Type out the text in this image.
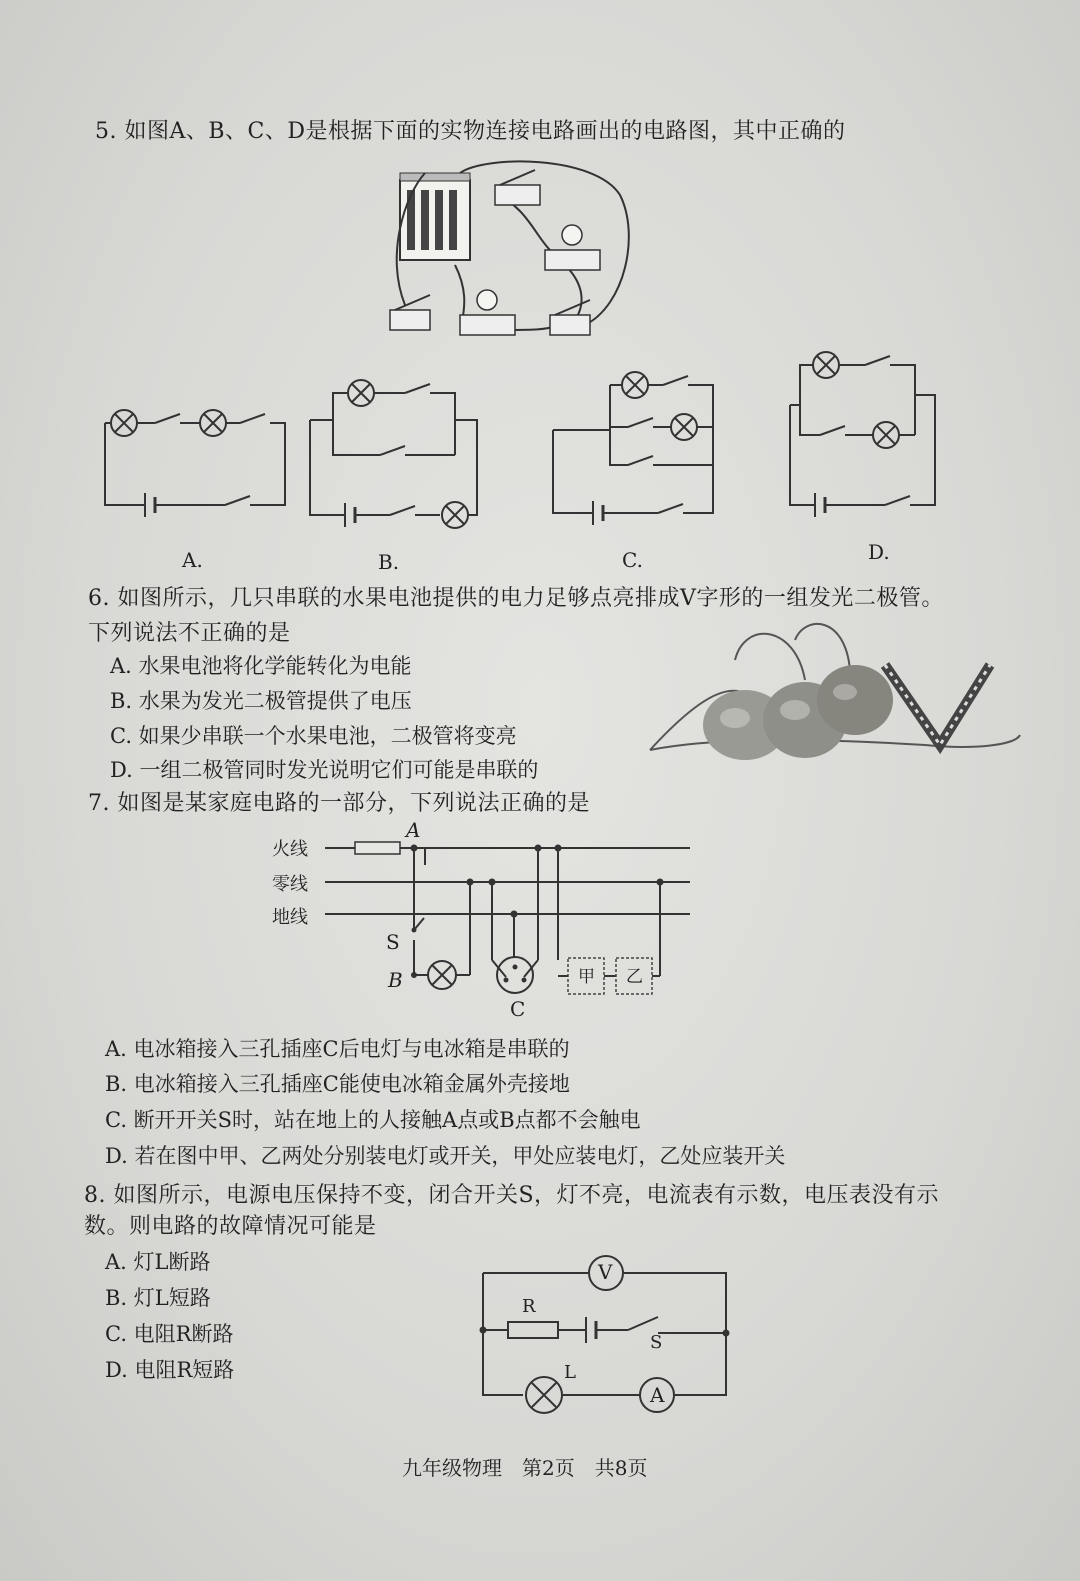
5. 如图A、B、C、D是根据下面的实物连接电路画出的电路图，其中正确的
A.	B.	C.	D.
6. 如图所示，几只串联的水果电池提供的电力足够点亮排成V字形的一组发光二极管。
下列说法不正确的是
A. 水果电池将化学能转化为电能
B. 水果为发光二极管提供了电压
C. 如果少串联一个水果电池，二极管将变亮
D. 一组二极管同时发光说明它们可能是串联的
7. 如图是某家庭电路的一部分，下列说法正确的是
火线
零线
地线
A
S
B
C
甲 乙
A. 电冰箱接入三孔插座C后电灯与电冰箱是串联的
B. 电冰箱接入三孔插座C能使电冰箱金属外壳接地
C. 断开开关S时，站在地上的人接触A点或B点都不会触电
D. 若在图中甲、乙两处分别装电灯或开关，甲处应装电灯，乙处应装开关
8. 如图所示，电源电压保持不变，闭合开关S，灯不亮，电流表有示数，电压表没有示
数。则电路的故障情况可能是
A. 灯L断路
B. 灯L短路
C. 电阻R断路
D. 电阻R短路
V
R
S
L
A
九年级物理　第2页　共8页
